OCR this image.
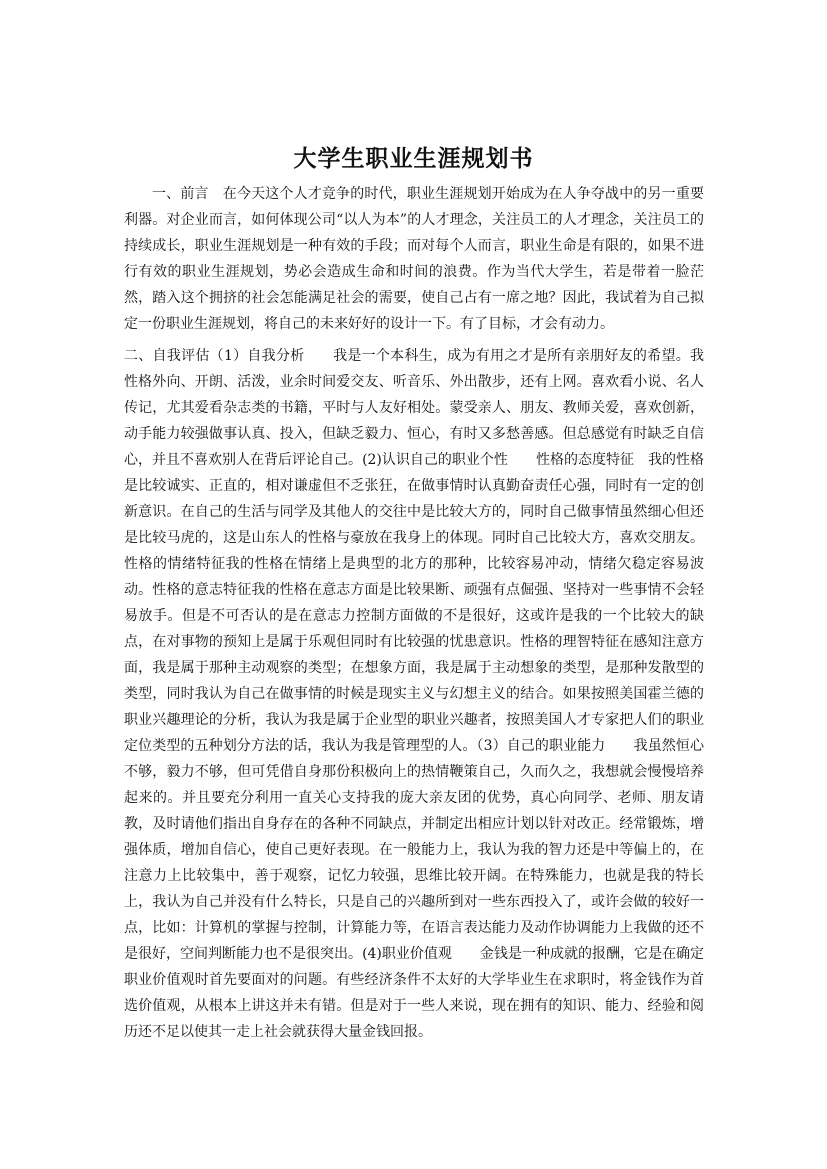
大学生职业生涯规划书

一、前言　在今天这个人才竞争的时代，职业生涯规划开始成为在人争夺战中的另一重要利器。对企业而言，如何体现公司“以人为本”的人才理念，关注员工的人才理念，关注员工的持续成长，职业生涯规划是一种有效的手段；而对每个人而言，职业生命是有限的，如果不进行有效的职业生涯规划，势必会造成生命和时间的浪费。作为当代大学生，若是带着一脸茫然，踏入这个拥挤的社会怎能满足社会的需要，使自己占有一席之地？因此，我试着为自己拟定一份职业生涯规划，将自己的未来好好的设计一下。有了目标，才会有动力。

二、自我评估（1）自我分析　　我是一个本科生，成为有用之才是所有亲朋好友的希望。我性格外向、开朗、活泼，业余时间爱交友、听音乐、外出散步，还有上网。喜欢看小说、名人传记，尤其爱看杂志类的书籍，平时与人友好相处。蒙受亲人、朋友、教师关爱，喜欢创新，动手能力较强做事认真、投入，但缺乏毅力、恒心，有时又多愁善感。但总感觉有时缺乏自信心，并且不喜欢别人在背后评论自己。(2)认识自己的职业个性　　性格的态度特征　我的性格是比较诚实、正直的，相对谦虚但不乏张狂，在做事情时认真勤奋责任心强，同时有一定的创新意识。在自己的生活与同学及其他人的交往中是比较大方的，同时自己做事情虽然细心但还是比较马虎的，这是山东人的性格与豪放在我身上的体现。同时自己比较大方，喜欢交朋友。性格的情绪特征我的性格在情绪上是典型的北方的那种，比较容易冲动，情绪欠稳定容易波动。性格的意志特征我的性格在意志方面是比较果断、顽强有点倔强、坚持对一些事情不会轻易放手。但是不可否认的是在意志力控制方面做的不是很好，这或许是我的一个比较大的缺点，在对事物的预知上是属于乐观但同时有比较强的忧患意识。性格的理智特征在感知注意方面，我是属于那种主动观察的类型；在想象方面，我是属于主动想象的类型，是那种发散型的类型，同时我认为自己在做事情的时候是现实主义与幻想主义的结合。如果按照美国霍兰德的职业兴趣理论的分析，我认为我是属于企业型的职业兴趣者，按照美国人才专家把人们的职业定位类型的五种划分方法的话，我认为我是管理型的人。（3）自己的职业能力　　我虽然恒心不够，毅力不够，但可凭借自身那份积极向上的热情鞭策自己，久而久之，我想就会慢慢培养起来的。并且要充分利用一直关心支持我的庞大亲友团的优势，真心向同学、老师、朋友请教，及时请他们指出自身存在的各种不同缺点，并制定出相应计划以针对改正。经常锻炼，增强体质，增加自信心，使自己更好表现。在一般能力上，我认为我的智力还是中等偏上的，在注意力上比较集中，善于观察，记忆力较强，思维比较开阔。在特殊能力，也就是我的特长上，我认为自己并没有什么特长，只是自己的兴趣所到对一些东西投入了，或许会做的较好一点，比如：计算机的掌握与控制，计算能力等，在语言表达能力及动作协调能力上我做的还不是很好，空间判断能力也不是很突出。(4)职业价值观　　金钱是一种成就的报酬，它是在确定职业价值观时首先要面对的问题。有些经济条件不太好的大学毕业生在求职时，将金钱作为首选价值观，从根本上讲这并未有错。但是对于一些人来说，现在拥有的知识、能力、经验和阅历还不足以使其一走上社会就获得大量金钱回报。
